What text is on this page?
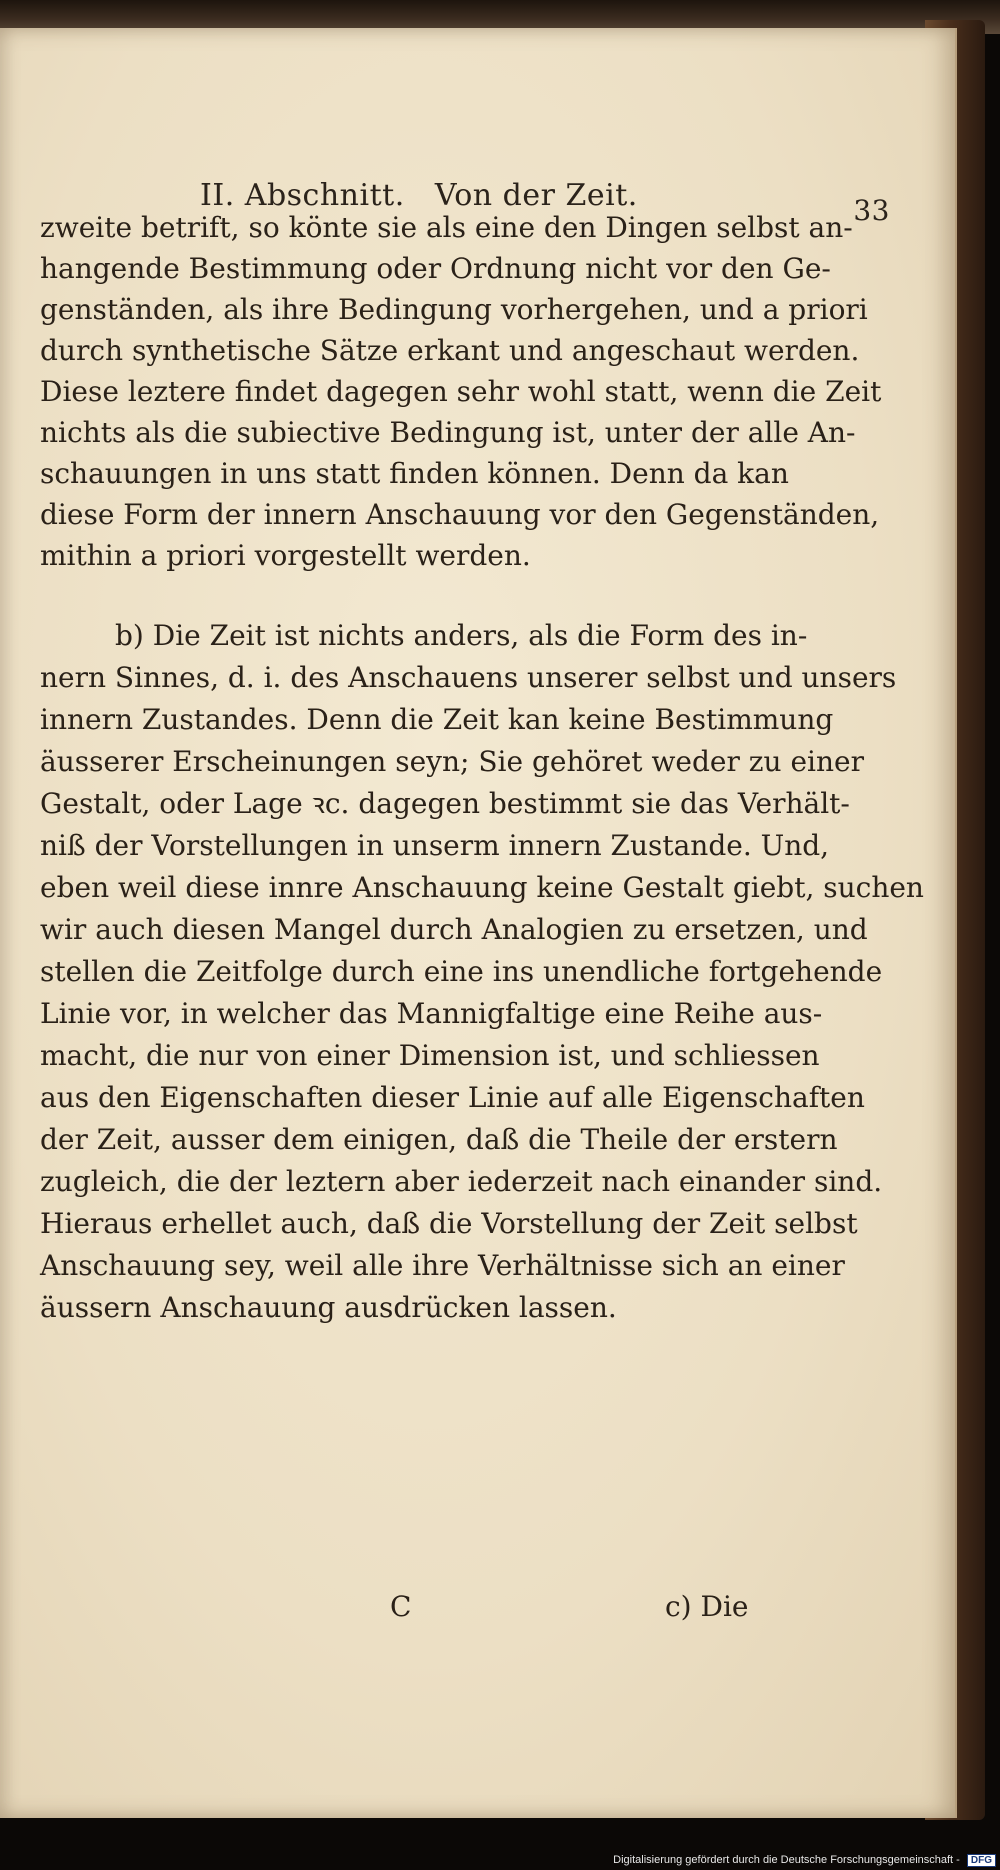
II. Abschnitt.   Von der Zeit.	33
zweite betrift, so könte sie als eine den Dingen selbst an-
hangende Bestimmung oder Ordnung nicht vor den Ge-
genständen, als ihre Bedingung vorhergehen, und a priori
durch synthetische Sätze erkant und angeschaut werden.
Diese leztere findet dagegen sehr wohl statt, wenn die Zeit
nichts als die subiective Bedingung ist, unter der alle An-
schauungen in uns statt finden können. Denn da kan
diese Form der innern Anschauung vor den Gegenständen,
mithin a priori vorgestellt werden.
b) Die Zeit ist nichts anders, als die Form des in-
nern Sinnes, d. i. des Anschauens unserer selbst und unsers
innern Zustandes. Denn die Zeit kan keine Bestimmung
äusserer Erscheinungen seyn; Sie gehöret weder zu einer
Gestalt, oder Lage ꝛc. dagegen bestimmt sie das Verhält-
niß der Vorstellungen in unserm innern Zustande. Und,
eben weil diese innre Anschauung keine Gestalt giebt, suchen
wir auch diesen Mangel durch Analogien zu ersetzen, und
stellen die Zeitfolge durch eine ins unendliche fortgehende
Linie vor, in welcher das Mannigfaltige eine Reihe aus-
macht, die nur von einer Dimension ist, und schliessen
aus den Eigenschaften dieser Linie auf alle Eigenschaften
der Zeit, ausser dem einigen, daß die Theile der erstern
zugleich, die der leztern aber iederzeit nach einander sind.
Hieraus erhellet auch, daß die Vorstellung der Zeit selbst
Anschauung sey, weil alle ihre Verhältnisse sich an einer
äussern Anschauung ausdrücken lassen.
C	c) Die
Digitalisierung gefördert durch die Deutsche Forschungsgemeinschaft - DFG
